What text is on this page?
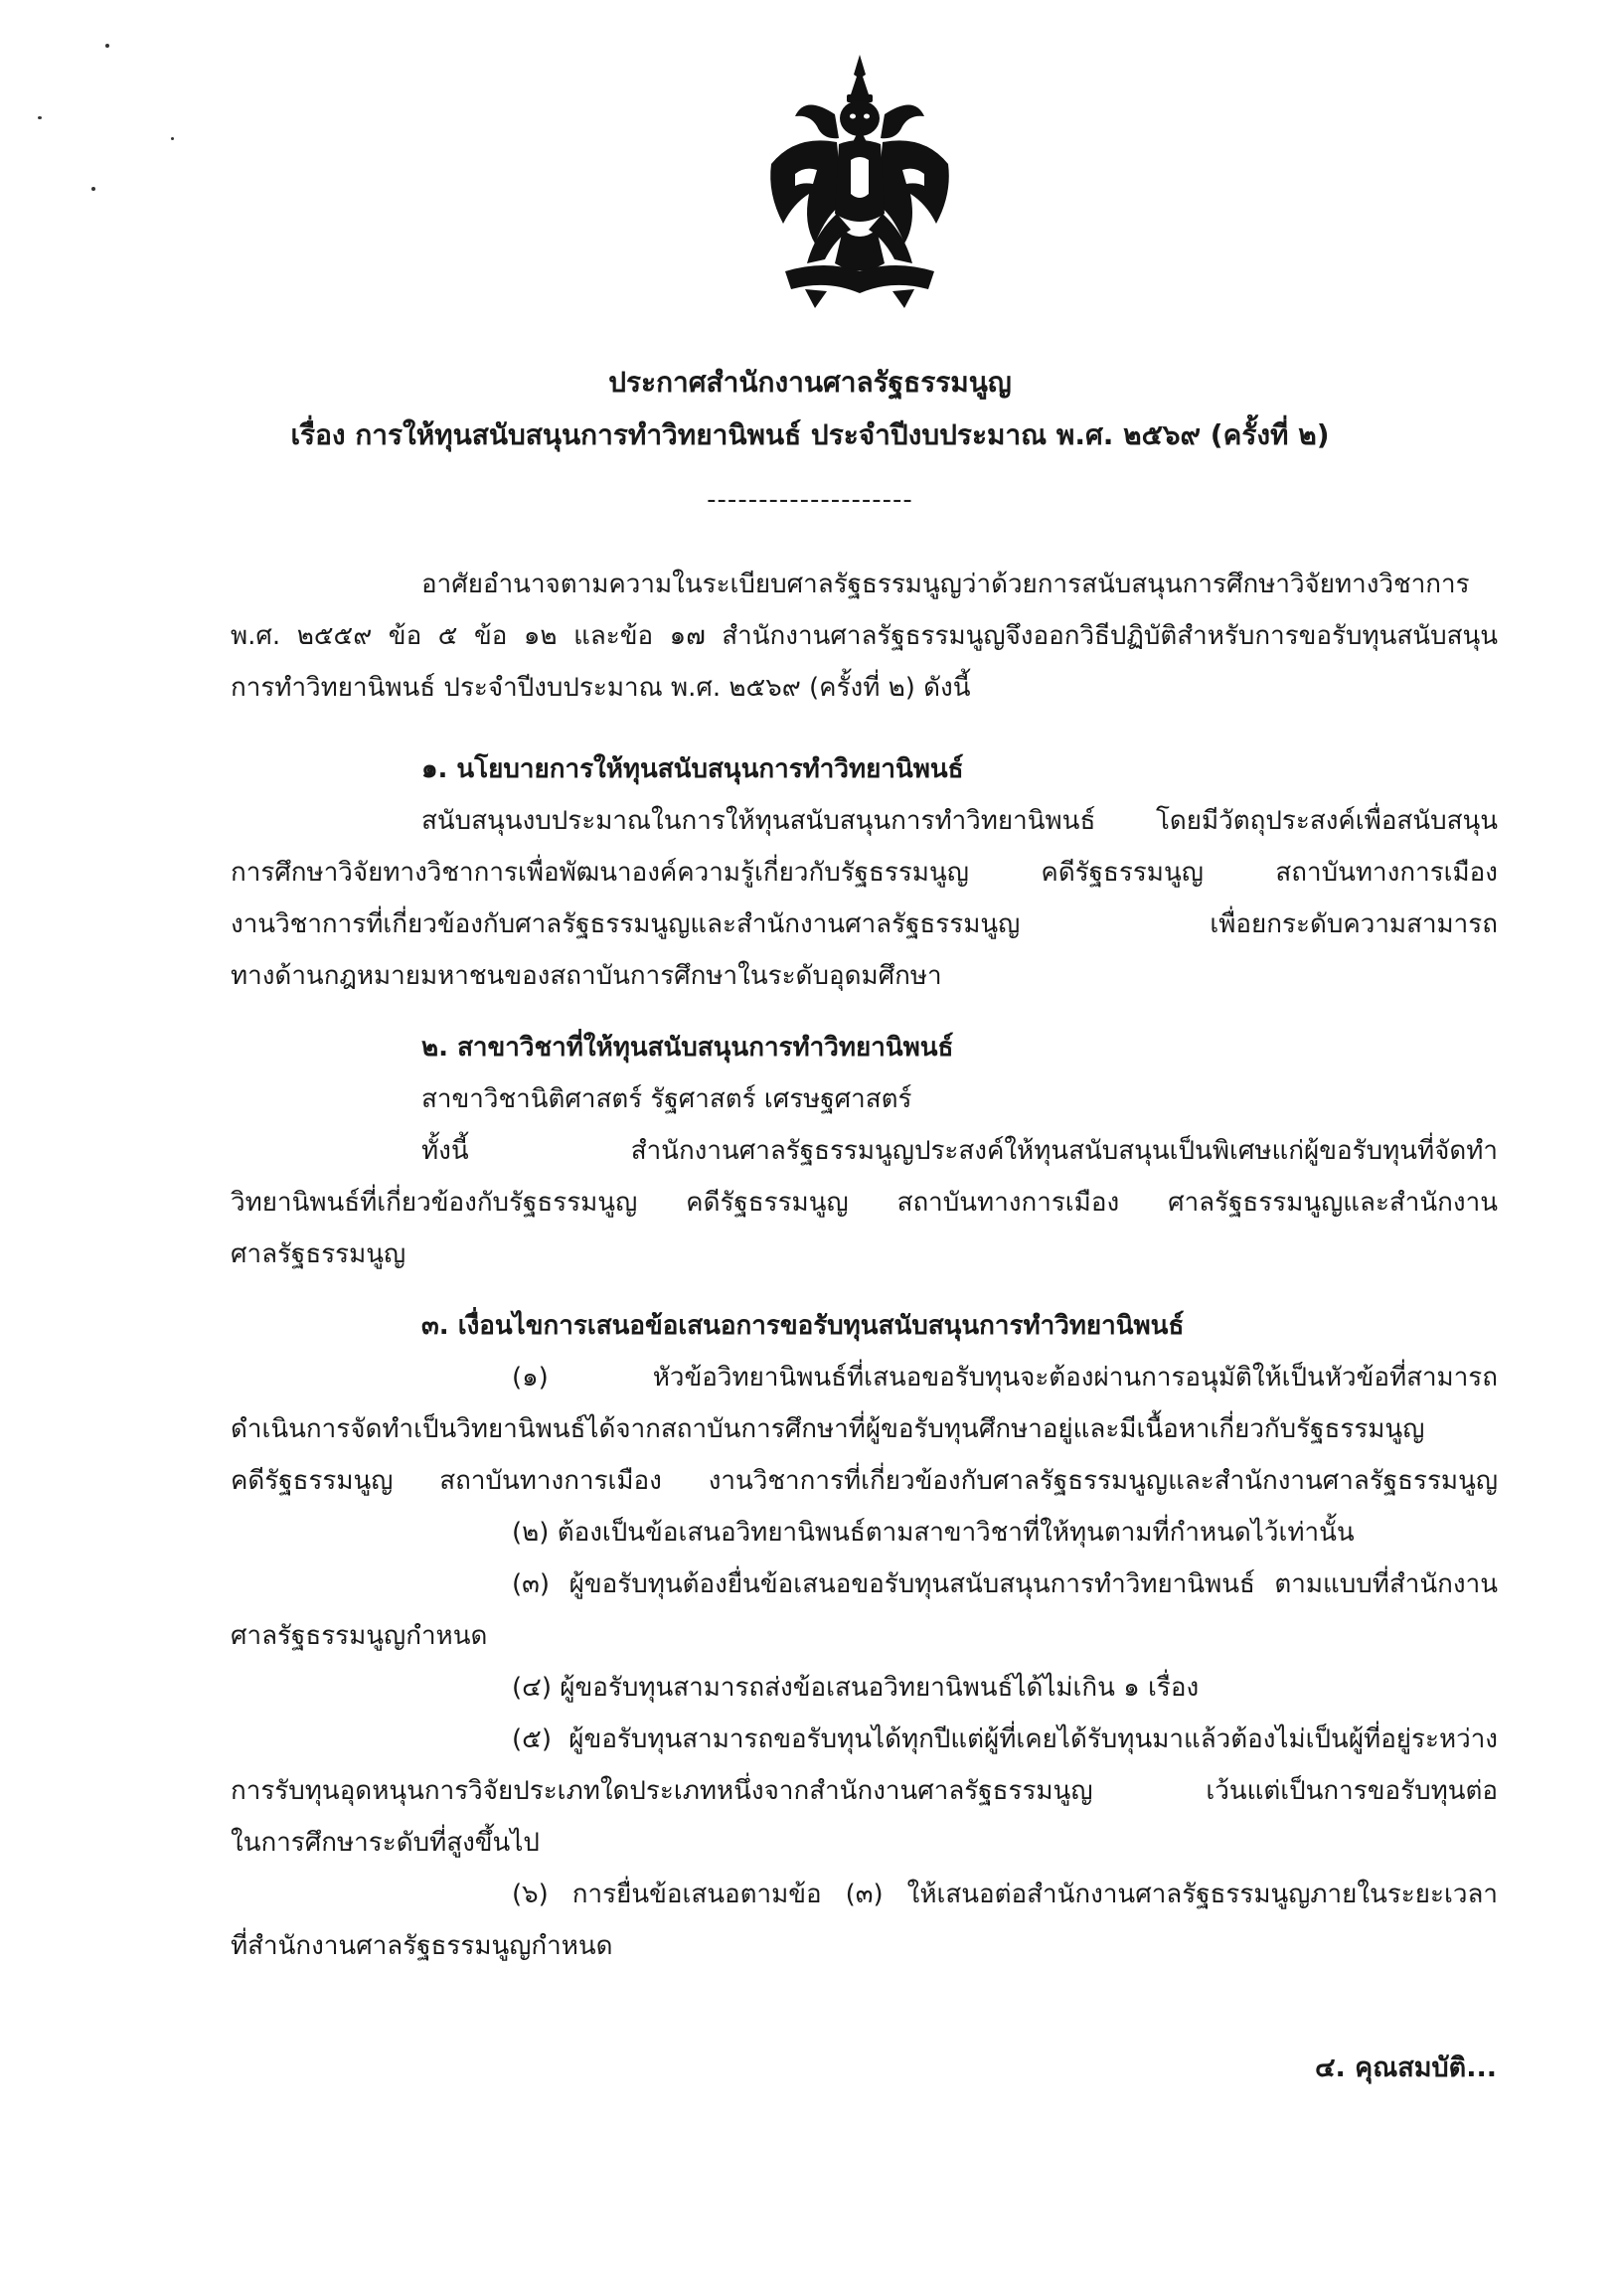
ประกาศสำนักงานศาลรัฐธรรมนูญ

เรื่อง การให้ทุนสนับสนุนการทำวิทยานิพนธ์ ประจำปีงบประมาณ พ.ศ. ๒๕๖๙ (ครั้งที่ ๒)

--------------------

อาศัยอำนาจตามความในระเบียบศาลรัฐธรรมนูญว่าด้วยการสนับสนุนการศึกษาวิจัยทางวิชาการ

พ.ศ. ๒๕๕๙ ข้อ ๕ ข้อ ๑๒ และข้อ ๑๗ สำนักงานศาลรัฐธรรมนูญจึงออกวิธีปฏิบัติสำหรับการขอรับทุนสนับสนุน

การทำวิทยานิพนธ์ ประจำปีงบประมาณ พ.ศ. ๒๕๖๙ (ครั้งที่ ๒) ดังนี้

๑. นโยบายการให้ทุนสนับสนุนการทำวิทยานิพนธ์

สนับสนุนงบประมาณในการให้ทุนสนับสนุนการทำวิทยานิพนธ์ โดยมีวัตถุประสงค์เพื่อสนับสนุน

การศึกษาวิจัยทางวิชาการเพื่อพัฒนาองค์ความรู้เกี่ยวกับรัฐธรรมนูญ คดีรัฐธรรมนูญ สถาบันทางการเมือง

งานวิชาการที่เกี่ยวข้องกับศาลรัฐธรรมนูญและสำนักงานศาลรัฐธรรมนูญ เพื่อยกระดับความสามารถ

ทางด้านกฎหมายมหาชนของสถาบันการศึกษาในระดับอุดมศึกษา

๒. สาขาวิชาที่ให้ทุนสนับสนุนการทำวิทยานิพนธ์

สาขาวิชานิติศาสตร์ รัฐศาสตร์ เศรษฐศาสตร์

ทั้งนี้ สำนักงานศาลรัฐธรรมนูญประสงค์ให้ทุนสนับสนุนเป็นพิเศษแก่ผู้ขอรับทุนที่จัดทำ

วิทยานิพนธ์ที่เกี่ยวข้องกับรัฐธรรมนูญ คดีรัฐธรรมนูญ สถาบันทางการเมือง ศาลรัฐธรรมนูญและสำนักงาน

ศาลรัฐธรรมนูญ

๓. เงื่อนไขการเสนอข้อเสนอการขอรับทุนสนับสนุนการทำวิทยานิพนธ์

(๑) หัวข้อวิทยานิพนธ์ที่เสนอขอรับทุนจะต้องผ่านการอนุมัติให้เป็นหัวข้อที่สามารถ

ดำเนินการจัดทำเป็นวิทยานิพนธ์ได้จากสถาบันการศึกษาที่ผู้ขอรับทุนศึกษาอยู่และมีเนื้อหาเกี่ยวกับรัฐธรรมนูญ

คดีรัฐธรรมนูญ สถาบันทางการเมือง งานวิชาการที่เกี่ยวข้องกับศาลรัฐธรรมนูญและสำนักงานศาลรัฐธรรมนูญ

(๒) ต้องเป็นข้อเสนอวิทยานิพนธ์ตามสาขาวิชาที่ให้ทุนตามที่กำหนดไว้เท่านั้น

(๓) ผู้ขอรับทุนต้องยื่นข้อเสนอขอรับทุนสนับสนุนการทำวิทยานิพนธ์ ตามแบบที่สำนักงาน

ศาลรัฐธรรมนูญกำหนด

(๔) ผู้ขอรับทุนสามารถส่งข้อเสนอวิทยานิพนธ์ได้ไม่เกิน ๑ เรื่อง

(๕) ผู้ขอรับทุนสามารถขอรับทุนได้ทุกปีแต่ผู้ที่เคยได้รับทุนมาแล้วต้องไม่เป็นผู้ที่อยู่ระหว่าง

การรับทุนอุดหนุนการวิจัยประเภทใดประเภทหนึ่งจากสำนักงานศาลรัฐธรรมนูญ เว้นแต่เป็นการขอรับทุนต่อ

ในการศึกษาระดับที่สูงขึ้นไป

(๖) การยื่นข้อเสนอตามข้อ (๓) ให้เสนอต่อสำนักงานศาลรัฐธรรมนูญภายในระยะเวลา

ที่สำนักงานศาลรัฐธรรมนูญกำหนด

๔. คุณสมบัติ...
